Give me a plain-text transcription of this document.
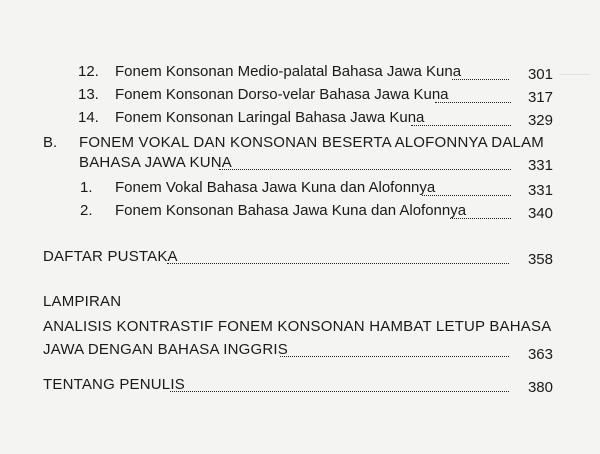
12. Fonem Konsonan Medio-palatal Bahasa Jawa Kuna	301
13. Fonem Konsonan Dorso-velar Bahasa Jawa Kuna	317
14. Fonem Konsonan Laringal Bahasa Jawa Kuna	329
B. FONEM VOKAL DAN KONSONAN BESERTA ALOFONNYA DALAM
BAHASA JAWA KUNA	331
1. Fonem Vokal Bahasa Jawa Kuna dan Alofonnya	331
2. Fonem Konsonan Bahasa Jawa Kuna dan Alofonnya	340
DAFTAR PUSTAKA	358
LAMPIRAN
ANALISIS KONTRASTIF FONEM KONSONAN HAMBAT LETUP BAHASA
JAWA DENGAN BAHASA INGGRIS	363
TENTANG PENULIS	380
